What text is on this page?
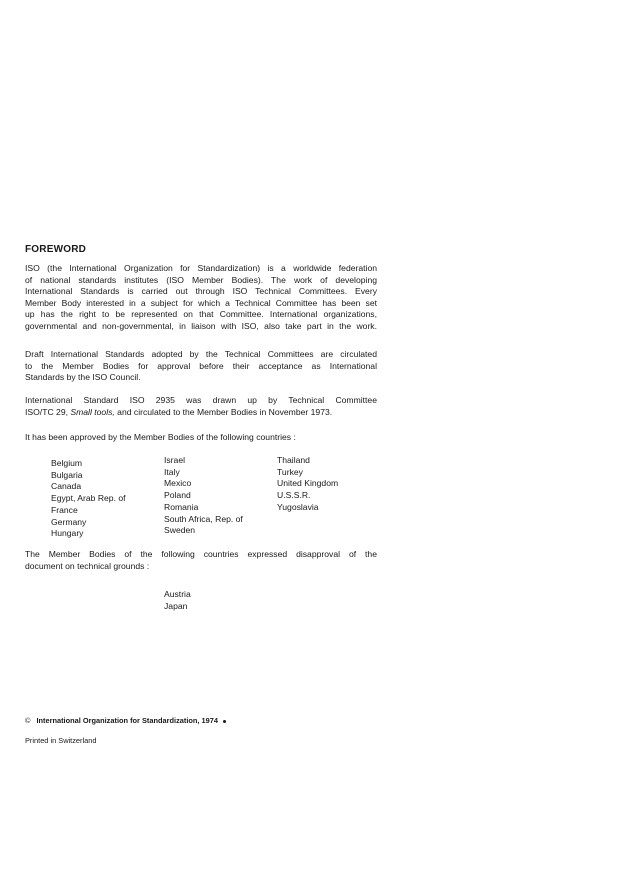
FOREWORD
ISO (the International Organization for Standardization) is a worldwide federation
of national standards institutes (ISO Member Bodies). The work of developing
International Standards is carried out through ISO Technical Committees. Every
Member Body interested in a subject for which a Technical Committee has been set
up has the right to be represented on that Committee. International organizations,
governmental and non-governmental, in liaison with ISO, also take part in the work.
Draft International Standards adopted by the Technical Committees are circulated
to the Member Bodies for approval before their acceptance as International
Standards by the ISO Council.
International Standard ISO 2935 was drawn up by Technical Committee
ISO/TC 29, Small tools, and circulated to the Member Bodies in November 1973.
It has been approved by the Member Bodies of the following countries :
Belgium
Bulgaria
Canada
Egypt, Arab Rep. of
France
Germany
Hungary
Israel
Italy
Mexico
Poland
Romania
South Africa, Rep. of
Sweden
Thailand
Turkey
United Kingdom
U.S.S.R.
Yugoslavia
The Member Bodies of the following countries expressed disapproval of the
document on technical grounds :
Austria
Japan
© International Organization for Standardization, 1974
Printed in Switzerland
